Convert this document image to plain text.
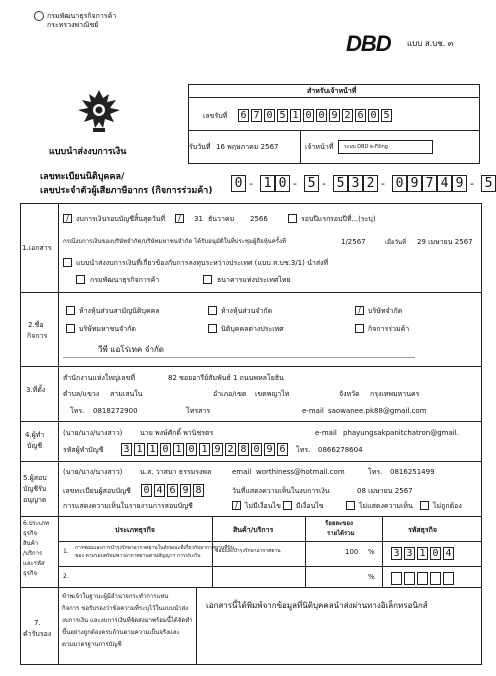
กรมพัฒนาธุรกิจการค้า
กระทรวงพาณิชย์
DBD แบบ ส.บช. ๓
แบบนำส่งงบการเงิน
สำหรับเจ้าหน้าที่
เลขรับที่ 6 7 0 5 1 0 0 9 2 6 0 5
รับวันที่ 16 พฤษภาคม 2567	เจ้าหน้าที่ ระบบ DBD e-Filing
เลขทะเบียนนิติบุคคล/
เลขประจำตัวผู้เสียภาษีอากร (กิจการร่วมค้า) 0 - 1 0 - 5 - 5 3 2 - 0 9 7 4 9 - 5
1.เอกสาร
/	งบการเงินรอบบัญชีสิ้นสุดวันที่	/	31 ธันวาคม 2566	รอบปีแรก รอบปีที่...(ระบุ)
กรณีงบการเงินของบริษัทจำกัด/บริษัทมหาชนจำกัด ได้รับอนุมัติในที่ประชุมผู้ถือหุ้นครั้งที่	1/2567	เมื่อวันที่ 29 เมษายน 2567
แบบนำส่งงบการเงินที่เกี่ยวข้องกับการลงทุนระหว่างประเทศ (แบบ ส.บช.3/1) นำส่งที่
กรมพัฒนาธุรกิจการค้า	ธนาคารแห่งประเทศไทย
2.ชื่อ
กิจการ
ห้างหุ้นส่วนสามัญนิติบุคคล	ห้างหุ้นส่วนจำกัด	/	บริษัทจำกัด
บริษัทมหาชนจำกัด	นิติบุคคลต่างประเทศ	กิจการร่วมค้า
วีพี แอโร่เทค จำกัด
3.ที่ตั้ง
สำนักงานแห่งใหญ่เลขที่	82 ซอยอารีย์สัมพันธ์ 1 ถนนพหลโยธิน
ตำบล/แขวง สามเสนใน	อำเภอ/เขต เขตพญาไท	จังหวัด กรุงเทพมหานคร
โทร. 0818272900	โทรสาร	e-mail saowanee.pk88@gmail.com
4.ผู้ทำ
บัญชี
(นาย/นาง/นางสาว)	นาย พงษ์ศักดิ์ พานิชรตร	e-mail phayungsakpanitchatron@gmail.
รหัสผู้ทำบัญชี 3 1 1 0 1 0 1 9 2 8 0 9 6	โทร. 0866278604
5.ผู้สอบ
บัญชีรับ
อนุญาต
(นาย/นาง/นางสาว)	น.ส. วาสนา ธรรมรงพล	email worthiness@hotmail.com	โทร. 0816251499
เลขทะเบียนผู้สอบบัญชี 0 4 6 9 8	วันที่แสดงความเห็นในงบการเงิน	08 เมษายน 2567
การแสดงความเห็นในรายงานการสอบบัญชี	/	ไม่มีเงื่อนไข มีเงื่อนไข	ไม่แสดงความเห็น	ไม่ถูกต้อง
6.ประเภท
ธุรกิจ
สินค้า
/บริการ
และรหัส
ธุรกิจ
ประเภทธุรกิจ	สินค้า/บริการ
ร้อยละของ
รายได้รวม	รหัสธุรกิจ
1. การซ่อมและการบำรุงรักษาอากาศยานในลักษณะที่เกี่ยวกับอากาศยานที่บิน
ของ ตามรอบพร้อมพาวอากาศยานตามสัญญาฯ การประกัน
ซ่อมและบำรุงรักษาอากาศยาน	100 % 3 3 1 0 4
2.	%
7.
คำรับรอง
ข้าพเจ้าในฐานะผู้มีอำนาจกระทำการแทน
กิจการ ขอรับรองว่าข้อความที่ระบุไว้ในแบบนำส่ง
งบการเงิน และงบการเงินที่จัดส่งมาพร้อมนี้ได้จัดทำ
ขึ้นอย่างถูกต้องครบถ้วนตามความเป็นจริงและ
ตามมาตรฐานการบัญชี
เอกสารนี้ได้พิมพ์จากข้อมูลที่นิติบุคคลนำส่งผ่านทางอิเล็กทรอนิกส์
